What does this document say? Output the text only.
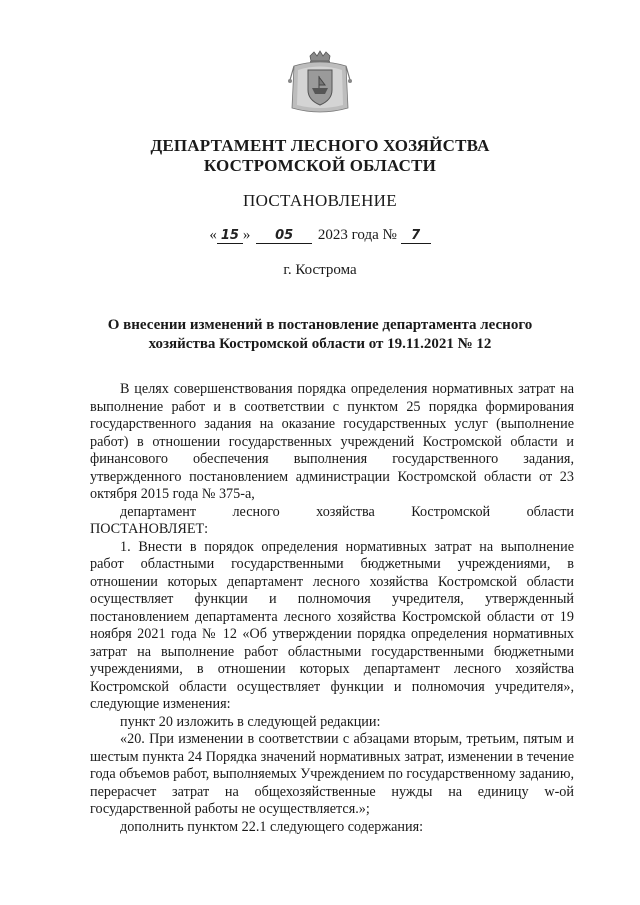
ДЕПАРТАМЕНТ ЛЕСНОГО ХОЗЯЙСТВА
КОСТРОМСКОЙ ОБЛАСТИ
ПОСТАНОВЛЕНИЕ
« 15 » 05 2023 года № 7
г. Кострома
О внесении изменений в постановление департамента лесного
хозяйства Костромской области от 19.11.2021 № 12

В целях совершенствования порядка определения нормативных затрат на выполнение работ и в соответствии с пунктом 25 порядка формирования государственного задания на оказание государственных услуг (выполнение работ) в отношении государственных учреждений Костромской области и финансового обеспечения выполнения государственного задания, утвержденного постановлением администрации Костромской области от 23 октября 2015 года № 375-а,

департамент лесного хозяйства Костромской области

ПОСТАНОВЛЯЕТ:

1. Внести в порядок определения нормативных затрат на выполнение работ областными государственными бюджетными учреждениями, в отношении которых департамент лесного хозяйства Костромской области осуществляет функции и полномочия учредителя, утвержденный постановлением департамента лесного хозяйства Костромской области от 19 ноября 2021 года № 12 «Об утверждении порядка определения нормативных затрат на выполнение работ областными государственными бюджетными учреждениями, в отношении которых департамент лесного хозяйства Костромской области осуществляет функции и полномочия учредителя», следующие изменения:

пункт 20 изложить в следующей редакции:

«20. При изменении в соответствии с абзацами вторым, третьим, пятым и шестым пункта 24 Порядка значений нормативных затрат, изменении в течение года объемов работ, выполняемых Учреждением по государственному заданию, перерасчет затрат на общехозяйственные нужды на единицу w-ой государственной работы не осуществляется.»;

дополнить пунктом 22.1 следующего содержания:
